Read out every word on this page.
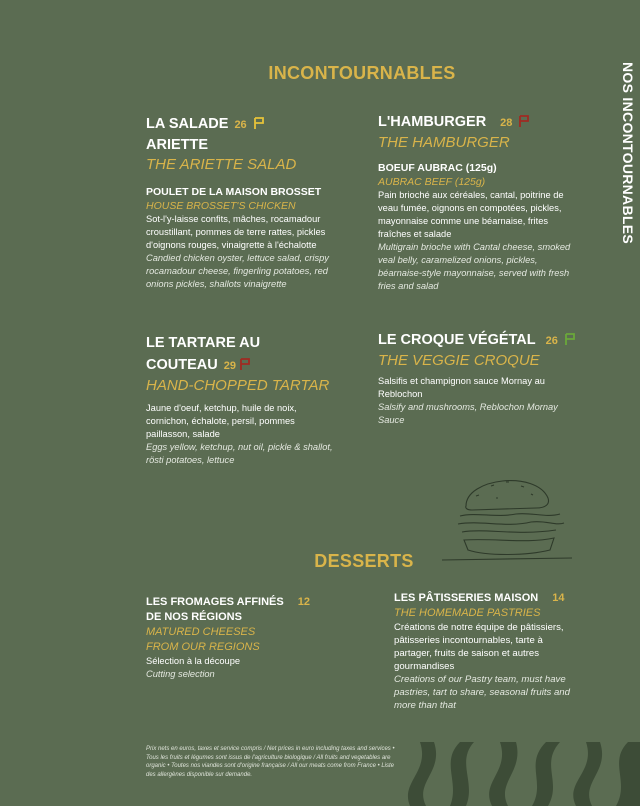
INCONTOURNABLES	NOS INCONTOURNABLES
LA SALADE 26
ARIETTE
THE ARIETTE SALAD
POULET DE LA MAISON BROSSET
HOUSE BROSSET'S CHICKEN
Sot-l'y-laisse confits, mâches, rocamadour croustillant, pommes de terre rattes, pickles d'oignons rouges, vinaigrette à l'échalotte
Candied chicken oyster, lettuce salad, crispy rocamadour cheese, fingerling potatoes, red onions pickles, shallots vinaigrette
L'HAMBURGER 28
THE HAMBURGER
BOEUF AUBRAC (125g)
AUBRAC BEEF (125g)
Pain brioché aux céréales, cantal, poitrine de veau fumée, oignons en compotées, pickles, mayonnaise comme une béarnaise, frites fraîches et salade
Multigrain brioche with Cantal cheese, smoked veal belly, caramelized onions, pickles, béarnaise-style mayonnaise, served with fresh fries and salad
LE TARTARE AU
COUTEAU 29
HAND-CHOPPED TARTAR
Jaune d'oeuf, ketchup, huile de noix, cornichon, échalote, persil, pommes paillasson, salade
Eggs yellow, ketchup, nut oil, pickle & shallot, rösti potatoes, lettuce
LE CROQUE VÉGÉTAL 26
THE VEGGIE CROQUE
Salsifis et champignon sauce Mornay au Reblochon
Salsify and mushrooms, Reblochon Mornay Sauce
DESSERTS
LES FROMAGES AFFINÉS 12
DE NOS RÉGIONS
MATURED CHEESES
FROM OUR REGIONS
Sélection à la découpe
Cutting selection
LES PÂTISSERIES MAISON 14
THE HOMEMADE PASTRIES
Créations de notre équipe de pâtissiers, pâtisseries incontournables, tarte à partager, fruits de saison et autres gourmandises
Creations of our Pastry team, must have pastries, tart to share, seasonal fruits and more than that
Prix nets en euros, taxes et service compris / Net prices in euro including taxes and services • Tous les fruits et légumes sont issus de l'agriculture biologique / All fruits and vegetables are organic • Toutes nos viandes sont d'origine française / All our meats come from France • Liste des allergènes disponible sur demande.
